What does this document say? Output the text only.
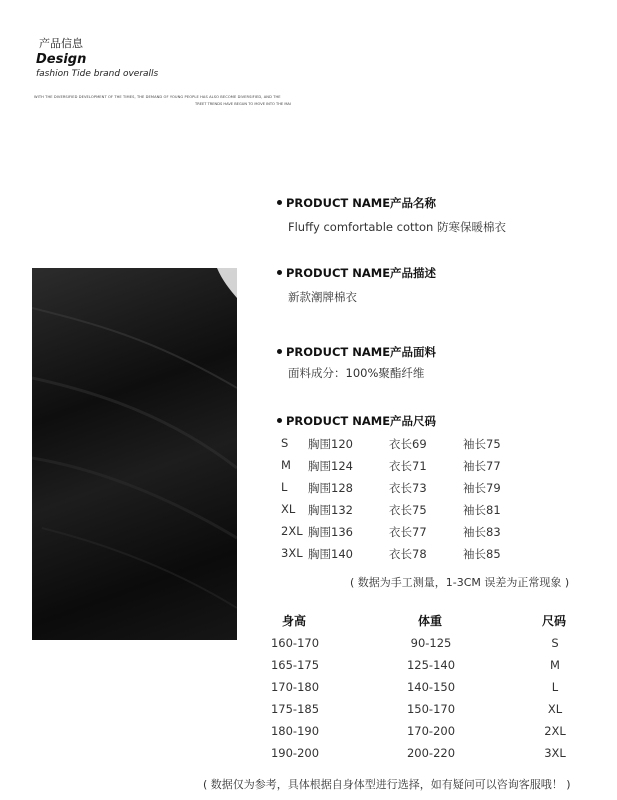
产品信息
Design
fashion Tide brand overalls
WITH THE DIVERSIFIED DEVELOPMENT OF THE TIMES, THE DEMAND OF YOUNG PEOPLE HAS ALSO BECOME DIVERSIFIED, AND THE
TREET TRENDS HAVE BEGUN TO MOVE INTO THE MAI
PRODUCT NAME产品名称
Fluffy comfortable cotton 防寒保暖棉衣
PRODUCT NAME产品描述
新款潮牌棉衣
PRODUCT NAME产品面料
面料成分：100%聚酯纤维
PRODUCT NAME产品尺码
S 胸围120	衣长69	袖长75
M 胸围124	衣长71	袖长77
L 胸围128	衣长73	袖长79
XL 胸围132	衣长75	袖长81
2XL 胸围136	衣长77	袖长83
3XL 胸围140	衣长78	袖长85
( 数据为手工测量，1-3CM 误差为正常现象 )
身高	体重	尺码
160-170	90-125	S
165-175	125-140	M
170-180	140-150	L
175-185	150-170	XL
180-190	170-200	2XL
190-200	200-220	3XL
( 数据仅为参考，具体根据自身体型进行选择，如有疑问可以咨询客服哦！ )
